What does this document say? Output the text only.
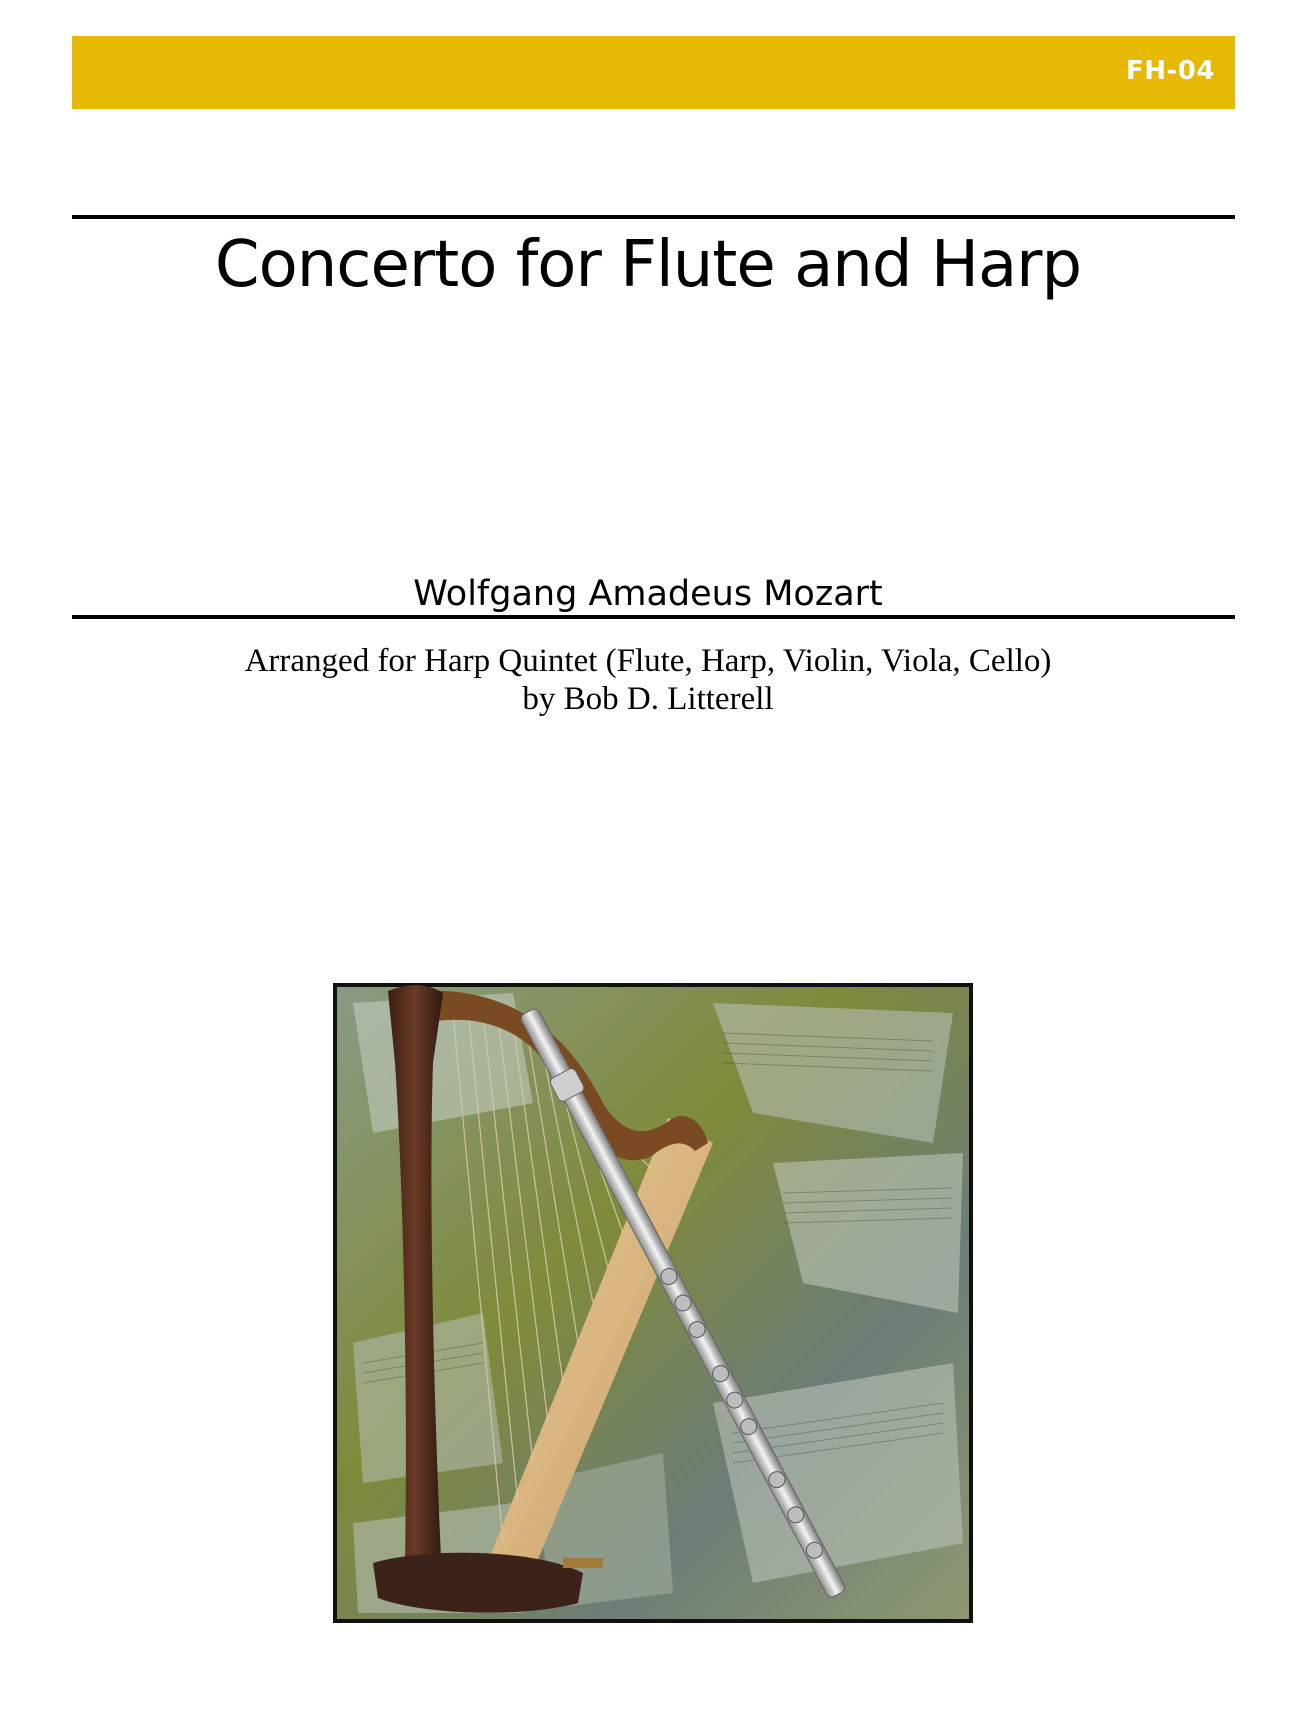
FH-04
Concerto for Flute and Harp
Wolfgang Amadeus Mozart
Arranged for Harp Quintet (Flute, Harp, Violin, Viola, Cello)
by Bob D. Litterell
